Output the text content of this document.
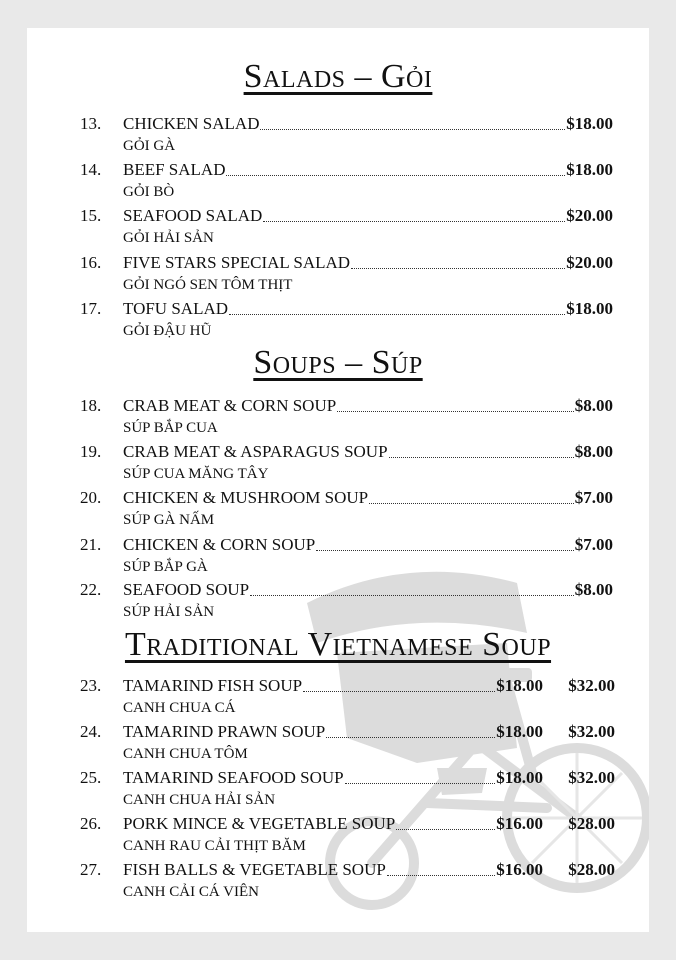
Salads – Gỏi
13. CHICKEN SALAD	$18.00
GỎI GÀ
14. BEEF SALAD	$18.00
GỎI BÒ
15. SEAFOOD SALAD	$20.00
GỎI HẢI SẢN
16. FIVE STARS SPECIAL SALAD	$20.00
GỎI NGÓ SEN TÔM THỊT
17. TOFU SALAD	$18.00
GỎI ĐẬU HŨ
Soups – Súp
18. CRAB MEAT & CORN SOUP	$8.00
SÚP BẮP CUA
19. CRAB MEAT & ASPARAGUS SOUP	$8.00
SÚP CUA MĂNG TÂY
20. CHICKEN & MUSHROOM SOUP	$7.00
SÚP GÀ NẤM
21. CHICKEN & CORN SOUP	$7.00
SÚP BẮP GÀ
22. SEAFOOD SOUP	$8.00
SÚP HẢI SẢN
Traditional Vietnamese Soup
23. TAMARIND FISH SOUP	$18.00 $32.00
CANH CHUA CÁ
24. TAMARIND PRAWN SOUP	$18.00 $32.00
CANH CHUA TÔM
25. TAMARIND SEAFOOD SOUP	$18.00 $32.00
CANH CHUA HẢI SẢN
26. PORK MINCE & VEGETABLE SOUP	$16.00 $28.00
CANH RAU CẢI THỊT BĂM
27. FISH BALLS & VEGETABLE SOUP	$16.00 $28.00
CANH CẢI CÁ VIÊN
